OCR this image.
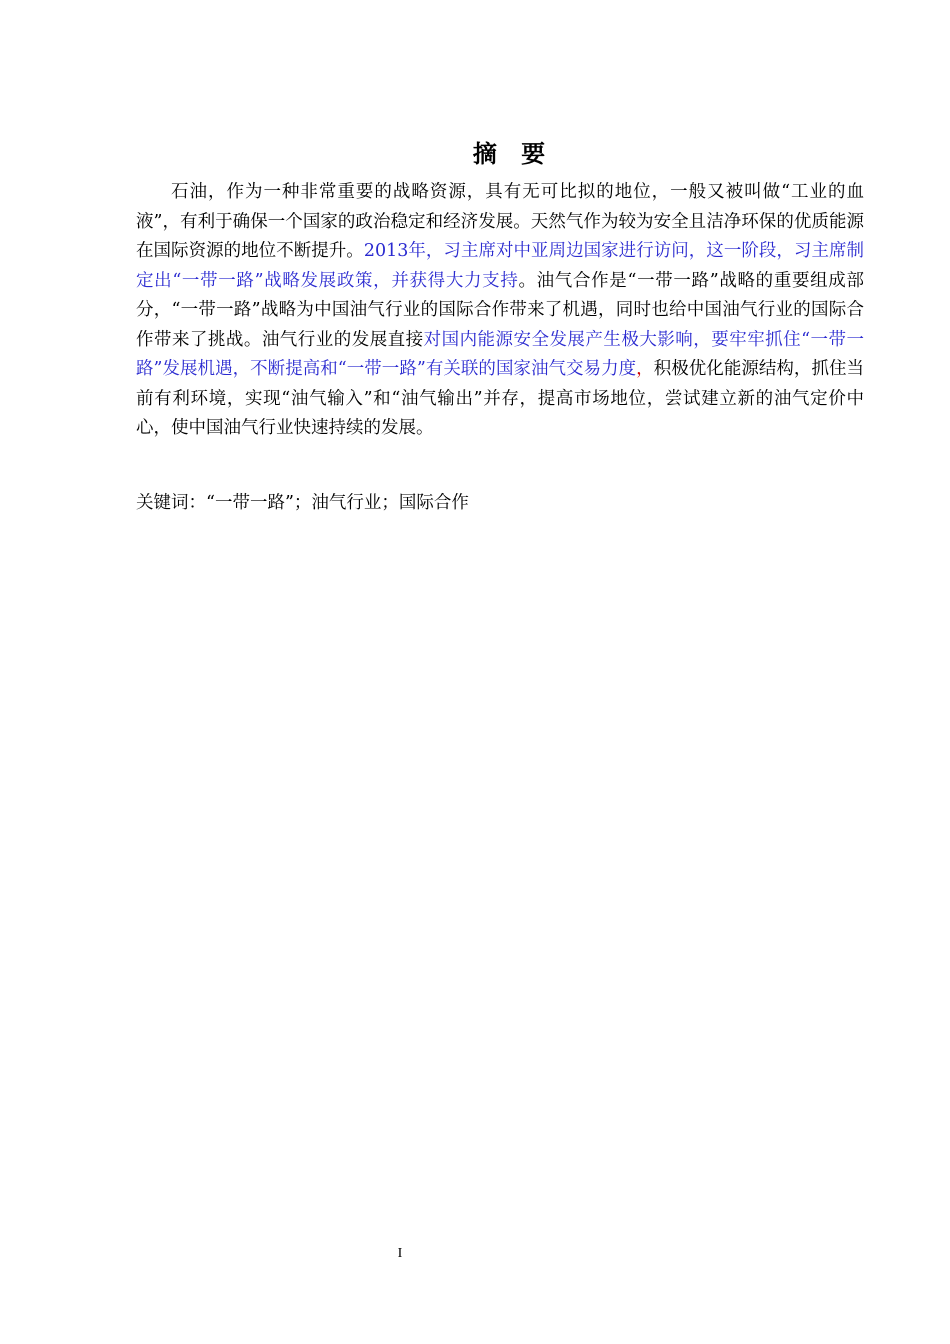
摘 要

石油，作为一种非常重要的战略资源，具有无可比拟的地位，一般又被叫做“工业的血液”，有利于确保一个国家的政治稳定和经济发展。天然气作为较为安全且洁净环保的优质能源在国际资源的地位不断提升。2013年，习主席对中亚周边国家进行访问，这一阶段，习主席制定出“一带一路”战略发展政策，并获得大力支持。油气合作是“一带一路”战略的重要组成部分，“一带一路”战略为中国油气行业的国际合作带来了机遇，同时也给中国油气行业的国际合作带来了挑战。油气行业的发展直接对国内能源安全发展产生极大影响，要牢牢抓住“一带一路”发展机遇，不断提高和“一带一路”有关联的国家油气交易力度，积极优化能源结构，抓住当前有利环境，实现“油气输入”和“油气输出”并存，提高市场地位，尝试建立新的油气定价中心，使中国油气行业快速持续的发展。

关键词：“一带一路”；油气行业；国际合作
I
